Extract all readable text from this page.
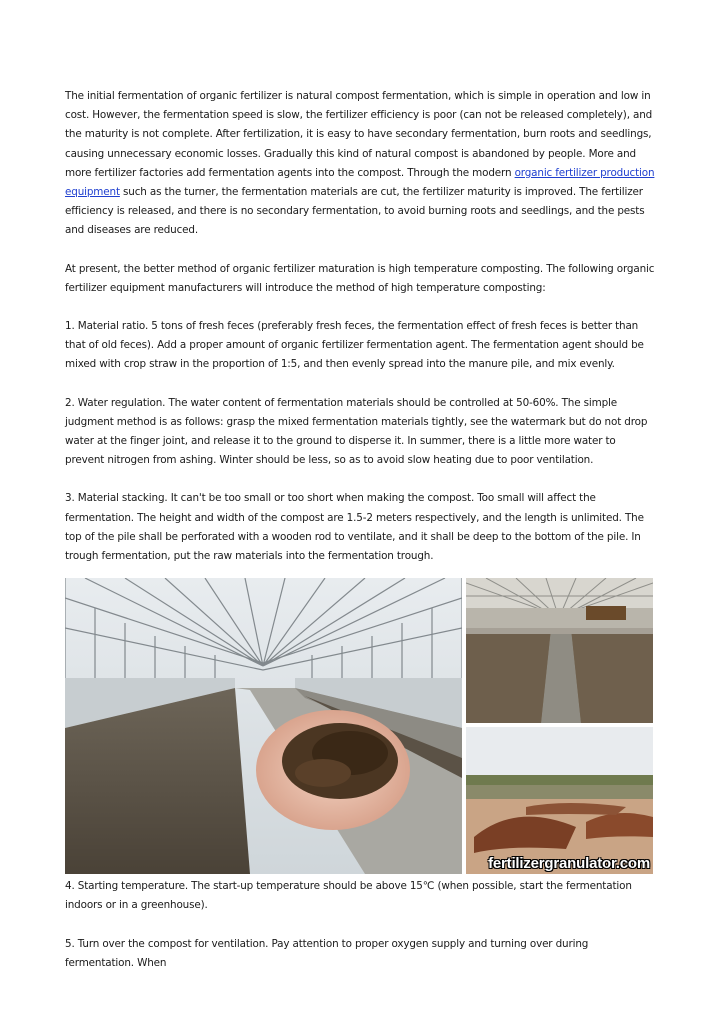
The initial fermentation of organic fertilizer is natural compost fermentation, which is simple in operation and low in cost. However, the fermentation speed is slow, the fertilizer efficiency is poor (can not be released completely), and the maturity is not complete. After fertilization, it is easy to have secondary fermentation, burn roots and seedlings, causing unnecessary economic losses. Gradually this kind of natural compost is abandoned by people. More and more fertilizer factories add fermentation agents into the compost. Through the modern organic fertilizer production equipment such as the turner, the fermentation materials are cut, the fertilizer maturity is improved. The fertilizer efficiency is released, and there is no secondary fermentation, to avoid burning roots and seedlings, and the pests and diseases are reduced.

At present, the better method of organic fertilizer maturation is high temperature composting. The following organic fertilizer equipment manufacturers will introduce the method of high temperature composting:

1. Material ratio. 5 tons of fresh feces (preferably fresh feces, the fermentation effect of fresh feces is better than that of old feces). Add a proper amount of organic fertilizer fermentation agent. The fermentation agent should be mixed with crop straw in the proportion of 1:5, and then evenly spread into the manure pile, and mix evenly.

2. Water regulation. The water content of fermentation materials should be controlled at 50-60%. The simple judgment method is as follows: grasp the mixed fermentation materials tightly, see the watermark but do not drop water at the finger joint, and release it to the ground to disperse it. In summer, there is a little more water to prevent nitrogen from ashing. Winter should be less, so as to avoid slow heating due to poor ventilation.

3. Material stacking. It can't be too small or too short when making the compost. Too small will affect the fermentation. The height and width of the compost are 1.5-2 meters respectively, and the length is unlimited. The top of the pile shall be perforated with a wooden rod to ventilate, and it shall be deep to the bottom of the pile. In trough fermentation, put the raw materials into the fermentation trough.

fertilizergranulator.com

4. Starting temperature. The start-up temperature should be above 15℃ (when possible, start the fermentation indoors or in a greenhouse).

5. Turn over the compost for ventilation. Pay attention to proper oxygen supply and turning over during fermentation. When
